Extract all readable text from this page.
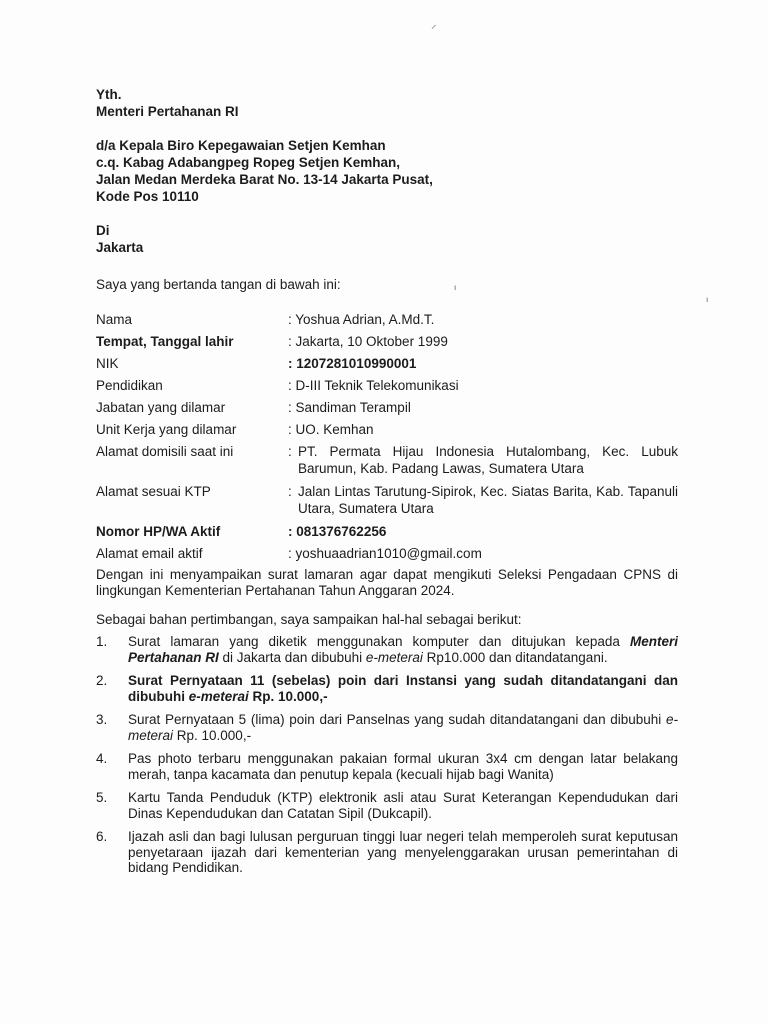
⸝
ı
ı

Yth.

Menteri Pertahanan RI

d/a Kepala Biro Kepegawaian Setjen Kemhan

c.q. Kabag Adabangpeg Ropeg Setjen Kemhan,

Jalan Medan Merdeka Barat No. 13-14 Jakarta Pusat,

Kode Pos 10110

Di

Jakarta

Saya yang bertanda tangan di bawah ini:

Nama	: Yoshua Adrian, A.Md.T.
Tempat, Tanggal lahir	: Jakarta, 10 Oktober 1999
NIK	: 1207281010990001
Pendidikan	: D-III Teknik Telekomunikasi
Jabatan yang dilamar	: Sandiman Terampil
Unit Kerja yang dilamar	: UO. Kemhan
Alamat domisili saat ini	: PT. Permata Hijau Indonesia Hutalombang, Kec. Lubuk Barumun, Kab. Padang Lawas, Sumatera Utara
Alamat sesuai KTP	: Jalan Lintas Tarutung-Sipirok, Kec. Siatas Barita, Kab. Tapanuli Utara, Sumatera Utara
Nomor HP/WA Aktif	: 081376762256
Alamat email aktif	: yoshuaadrian1010@gmail.com

Dengan ini menyampaikan surat lamaran agar dapat mengikuti Seleksi Pengadaan CPNS di lingkungan Kementerian Pertahanan Tahun Anggaran 2024.

Sebagai bahan pertimbangan, saya sampaikan hal-hal sebagai berikut:

1.	Surat lamaran yang diketik menggunakan komputer dan ditujukan kepada Menteri Pertahanan RI di Jakarta dan dibubuhi e-meterai Rp10.000 dan ditandatangani.
2.	Surat Pernyataan 11 (sebelas) poin dari Instansi yang sudah ditandatangani dan dibubuhi e-meterai Rp. 10.000,-
3.	Surat Pernyataan 5 (lima) poin dari Panselnas yang sudah ditandatangani dan dibubuhi e-meterai Rp. 10.000,-
4.	Pas photo terbaru menggunakan pakaian formal ukuran 3x4 cm dengan latar belakang merah, tanpa kacamata dan penutup kepala (kecuali hijab bagi Wanita)
5.	Kartu Tanda Penduduk (KTP) elektronik asli atau Surat Keterangan Kependudukan dari Dinas Kependudukan dan Catatan Sipil (Dukcapil).
6.	Ijazah asli dan bagi lulusan perguruan tinggi luar negeri telah memperoleh surat keputusan penyetaraan ijazah dari kementerian yang menyelenggarakan urusan pemerintahan di bidang Pendidikan.
